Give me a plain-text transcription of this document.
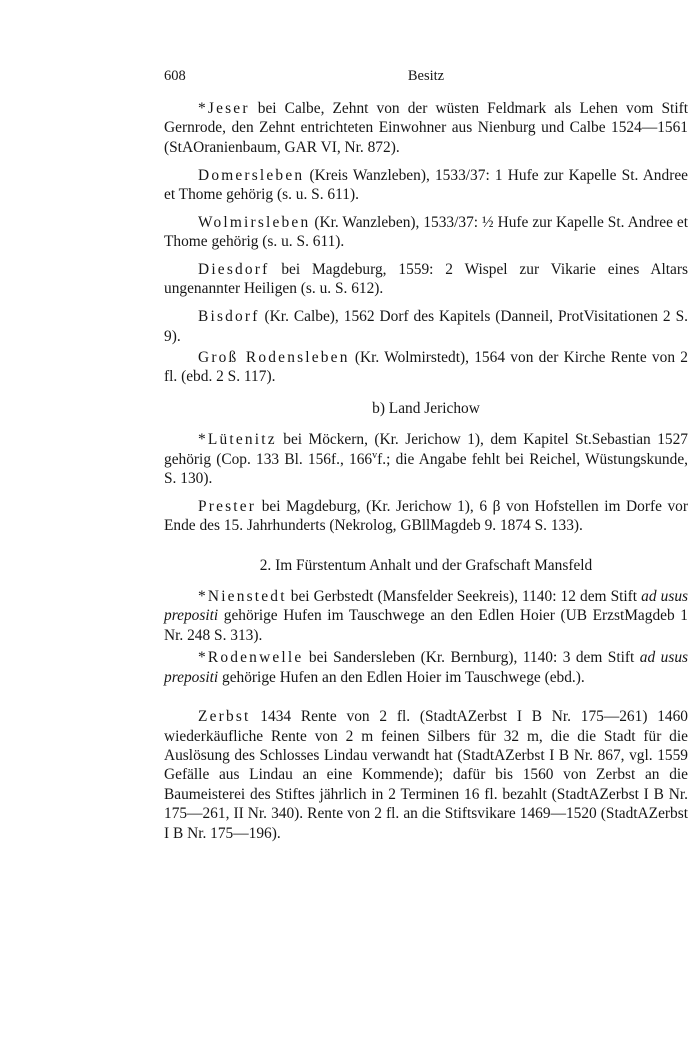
608	Besitz

*Jeser bei Calbe, Zehnt von der wüsten Feldmark als Lehen vom Stift Gernrode, den Zehnt entrichteten Einwohner aus Nienburg und Calbe 1524—1561 (StAOranienbaum, GAR VI, Nr. 872).

Domersleben (Kreis Wanzleben), 1533/37: 1 Hufe zur Kapelle St. Andree et Thome gehörig (s. u. S. 611).

Wolmirsleben (Kr. Wanzleben), 1533/37: ½ Hufe zur Kapelle St. Andree et Thome gehörig (s. u. S. 611).

Diesdorf bei Magdeburg, 1559: 2 Wispel zur Vikarie eines Altars ungenannter Heiligen (s. u. S. 612).

Bisdorf (Kr. Calbe), 1562 Dorf des Kapitels (Danneil, ProtVisitationen 2 S. 9).

Groß Rodensleben (Kr. Wolmirstedt), 1564 von der Kirche Rente von 2 fl. (ebd. 2 S. 117).

b) Land Jerichow

*Lütenitz bei Möckern, (Kr. Jerichow 1), dem Kapitel St.Sebastian 1527 gehörig (Cop. 133 Bl. 156f., 166$^v$f.; die Angabe fehlt bei Reichel, Wüstungskunde, S. 130).

Prester bei Magdeburg, (Kr. Jerichow 1), 6 β von Hofstellen im Dorfe vor Ende des 15. Jahrhunderts (Nekrolog, GBllMagdeb 9. 1874 S. 133).

2. Im Fürstentum Anhalt und der Grafschaft Mansfeld

*Nienstedt bei Gerbstedt (Mansfelder Seekreis), 1140: 12 dem Stift ad usus prepositi gehörige Hufen im Tauschwege an den Edlen Hoier (UB ErzstMagdeb 1 Nr. 248 S. 313).

*Rodenwelle bei Sandersleben (Kr. Bernburg), 1140: 3 dem Stift ad usus prepositi gehörige Hufen an den Edlen Hoier im Tauschwege (ebd.).

Zerbst 1434 Rente von 2 fl. (StadtAZerbst I B Nr. 175—261) 1460 wiederkäufliche Rente von 2 m feinen Silbers für 32 m, die die Stadt für die Auslösung des Schlosses Lindau verwandt hat (StadtAZerbst I B Nr. 867, vgl. 1559 Gefälle aus Lindau an eine Kommende); dafür bis 1560 von Zerbst an die Baumeisterei des Stiftes jährlich in 2 Terminen 16 fl. bezahlt (StadtAZerbst I B Nr. 175—261, II Nr. 340). Rente von 2 fl. an die Stiftsvikare 1469—1520 (StadtAZerbst I B Nr. 175—196).
